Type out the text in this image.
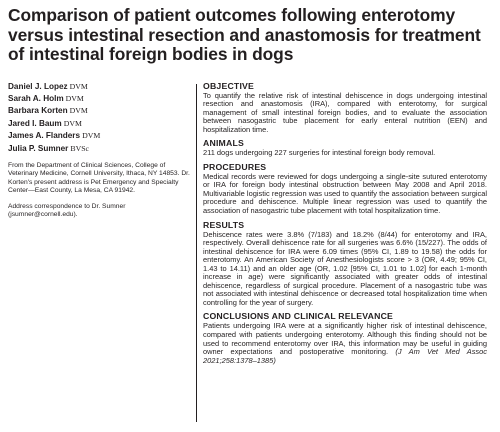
Comparison of patient outcomes following enterotomy versus intestinal resection and anastomosis for treatment of intestinal foreign bodies in dogs
Daniel J. Lopez DVM
Sarah A. Holm DVM
Barbara Korten DVM
Jared I. Baum DVM
James A. Flanders DVM
Julia P. Sumner BVSc

From the Department of Clinical Sciences, College of Veterinary Medicine, Cornell University, Ithaca, NY 14853. Dr. Korten's present address is Pet Emergency and Specialty Center—East County, La Mesa, CA 91942.

Address correspondence to Dr. Sumner (jsumner@cornell.edu).

OBJECTIVE

To quantify the relative risk of intestinal dehiscence in dogs undergoing intestinal resection and anastomosis (IRA), compared with enterotomy, for surgical management of small intestinal foreign bodies, and to evaluate the association between nasogastric tube placement for early enteral nutrition (EEN) and hospitalization time.

ANIMALS

211 dogs undergoing 227 surgeries for intestinal foreign body removal.

PROCEDURES

Medical records were reviewed for dogs undergoing a single-site sutured enterotomy or IRA for foreign body intestinal obstruction between May 2008 and April 2018. Multivariable logistic regression was used to quantify the association between surgical procedure and dehiscence. Multiple linear regression was used to quantify the association of nasogastric tube placement with total hospitalization time.

RESULTS

Dehiscence rates were 3.8% (7/183) and 18.2% (8/44) for enterotomy and IRA, respectively. Overall dehiscence rate for all surgeries was 6.6% (15/227). The odds of intestinal dehiscence for IRA were 6.09 times (95% CI, 1.89 to 19.58) the odds for enterotomy. An American Society of Anesthesiologists score > 3 (OR, 4.49; 95% CI, 1.43 to 14.11) and an older age (OR, 1.02 [95% CI, 1.01 to 1.02] for each 1-month increase in age) were significantly associated with greater odds of intestinal dehiscence, regardless of surgical procedure. Placement of a nasogastric tube was not associated with intestinal dehiscence or decreased total hospitalization time when controlling for the year of surgery.

CONCLUSIONS AND CLINICAL RELEVANCE

Patients undergoing IRA were at a significantly higher risk of intestinal dehiscence, compared with patients undergoing enterotomy. Although this finding should not be used to recommend enterotomy over IRA, this information may be useful in guiding owner expectations and postoperative monitoring. (J Am Vet Med Assoc 2021;258:1378–1385)
